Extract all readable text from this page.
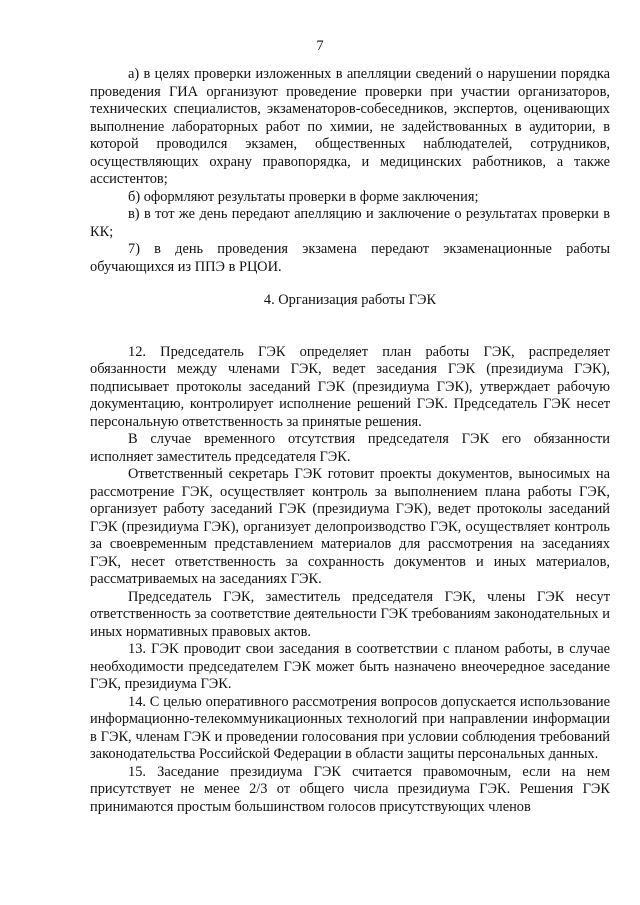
7

а) в целях проверки изложенных в апелляции сведений о нарушении порядка проведения ГИА организуют проведение проверки при участии организаторов, технических специалистов, экзаменаторов-собеседников, экспертов, оценивающих выполнение лабораторных работ по химии, не задействованных в аудитории, в которой проводился экзамен, общественных наблюдателей, сотрудников, осуществляющих охрану правопорядка, и медицинских работников, а также ассистентов;

б) оформляют результаты проверки в форме заключения;

в) в тот же день передают апелляцию и заключение о результатах проверки в КК;

7) в день проведения экзамена передают экзаменационные работы обучающихся из ППЭ в РЦОИ.

4. Организация работы ГЭК

12. Председатель ГЭК определяет план работы ГЭК, распределяет обязанности между членами ГЭК, ведет заседания ГЭК (президиума ГЭК), подписывает протоколы заседаний ГЭК (президиума ГЭК), утверждает рабочую документацию, контролирует исполнение решений ГЭК. Председатель ГЭК несет персональную ответственность за принятые решения.

В случае временного отсутствия председателя ГЭК его обязанности исполняет заместитель председателя ГЭК.

Ответственный секретарь ГЭК готовит проекты документов, выносимых на рассмотрение ГЭК, осуществляет контроль за выполнением плана работы ГЭК, организует работу заседаний ГЭК (президиума ГЭК), ведет протоколы заседаний ГЭК (президиума ГЭК), организует делопроизводство ГЭК, осуществляет контроль за своевременным представлением материалов для рассмотрения на заседаниях ГЭК, несет ответственность за сохранность документов и иных материалов, рассматриваемых на заседаниях ГЭК.

Председатель ГЭК, заместитель председателя ГЭК, члены ГЭК несут ответственность за соответствие деятельности ГЭК требованиям законодательных и иных нормативных правовых актов.

13. ГЭК проводит свои заседания в соответствии с планом работы, в случае необходимости председателем ГЭК может быть назначено внеочередное заседание ГЭК, президиума ГЭК.

14. С целью оперативного рассмотрения вопросов допускается использование информационно-телекоммуникационных технологий при направлении информации в ГЭК, членам ГЭК и проведении голосования при условии соблюдения требований законодательства Российской Федерации в области защиты персональных данных.

15. Заседание президиума ГЭК считается правомочным, если на нем присутствует не менее 2/3 от общего числа президиума ГЭК. Решения ГЭК принимаются простым большинством голосов присутствующих членов
